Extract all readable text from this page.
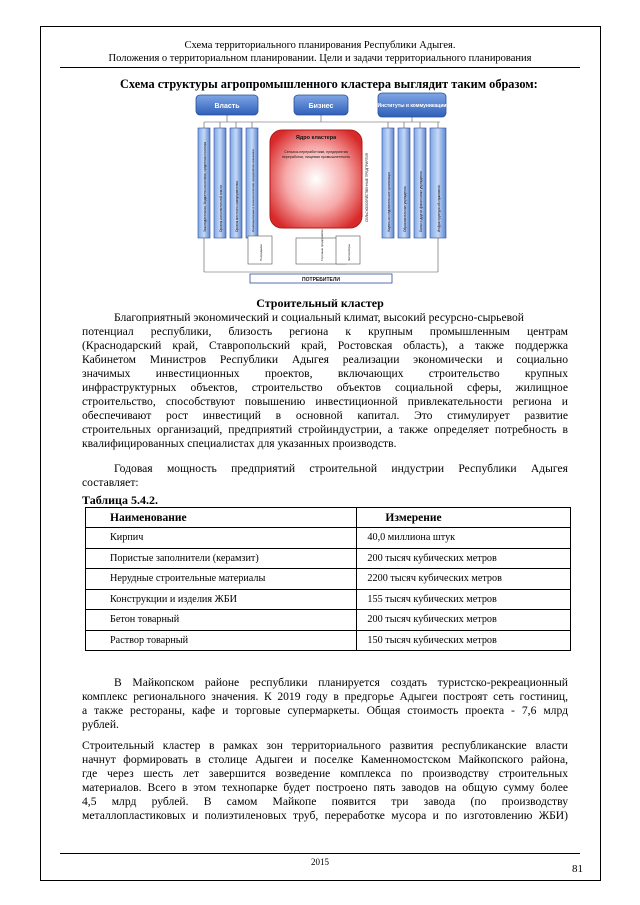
Схема территориального планирования Республики Адыгея.
Положения о территориальном планировании. Цели и задачи территориального планирования
Схема структуры агропромышленного кластера выглядит таким образом:
Власть	Бизнес	Институты и коммуникации
Законодательная, бюджетно-налоговая, кредитная политика	Органы исполнительной власти	Органы местного самоуправления	Инновационные и технологические предприятия-смежники
Ядро кластера
Сельхоз-переработчики, предприятия переработки, пищевая промышленность	СЕЛЬСКОХОЗЯЙСТВЕННЫЕ ПРЕДПРИЯТИЯ	Научно-исследовательские организации	Образовательные учреждения	Банки и другие финансовые учреждения	Инфраструктура обслуживания
Посредники	Торговые предприятия	Экспортёры
ПОТРЕБИТЕЛИ
Строительный кластер
Благоприятный экономический и социальный климат, высокий ресурсно-сырьевой
потенциал республики, близость региона к крупным промышленным центрам
(Краснодарский край, Ставропольский край, Ростовская область), а также поддержка
Кабинетом Министров Республики Адыгея реализации экономически и социально
значимых инвестиционных проектов, включающих строительство крупных
инфраструктурных объектов, строительство объектов социальной сферы, жилищное
строительство, способствуют повышению инвестиционной привлекательности региона и
обеспечивают рост инвестиций в основной капитал. Это стимулирует развитие
строительных организаций, предприятий стройиндустрии, а также определяет потребность в
квалифицированных специалистах для указанных производств.
Годовая мощность предприятий строительной индустрии Республики Адыгея
составляет:
Таблица 5.4.2.
Наименование	Измерение
Кирпич	40,0 миллиона штук
Пористые заполнители (керамзит)	200 тысяч кубических метров
Нерудные строительные материалы	2200 тысяч кубических метров
Конструкции и изделия ЖБИ	155 тысяч кубических метров
Бетон товарный	200 тысяч кубических метров
Раствор товарный	150 тысяч кубических метров
В Майкопском районе республики планируется создать туристско-рекреационный
комплекс регионального значения. К 2019 году в предгорье Адыгеи построят сеть гостиниц,
а также рестораны, кафе и торговые супермаркеты. Общая стоимость проекта - 7,6 млрд
рублей.
Строительный кластер в рамках зон территориального развития республиканские власти
начнут формировать в столице Адыгеи и поселке Каменномостском Майкопского района,
где через шесть лет завершится возведение комплекса по производству строительных
материалов. Всего в этом технопарке будет построено пять заводов на общую сумму более
4,5 млрд рублей. В самом Майкопе появится три завода (по производству
металлопластиковых и полиэтиленовых труб, переработке мусора и по изготовлению ЖБИ)
2015
81
